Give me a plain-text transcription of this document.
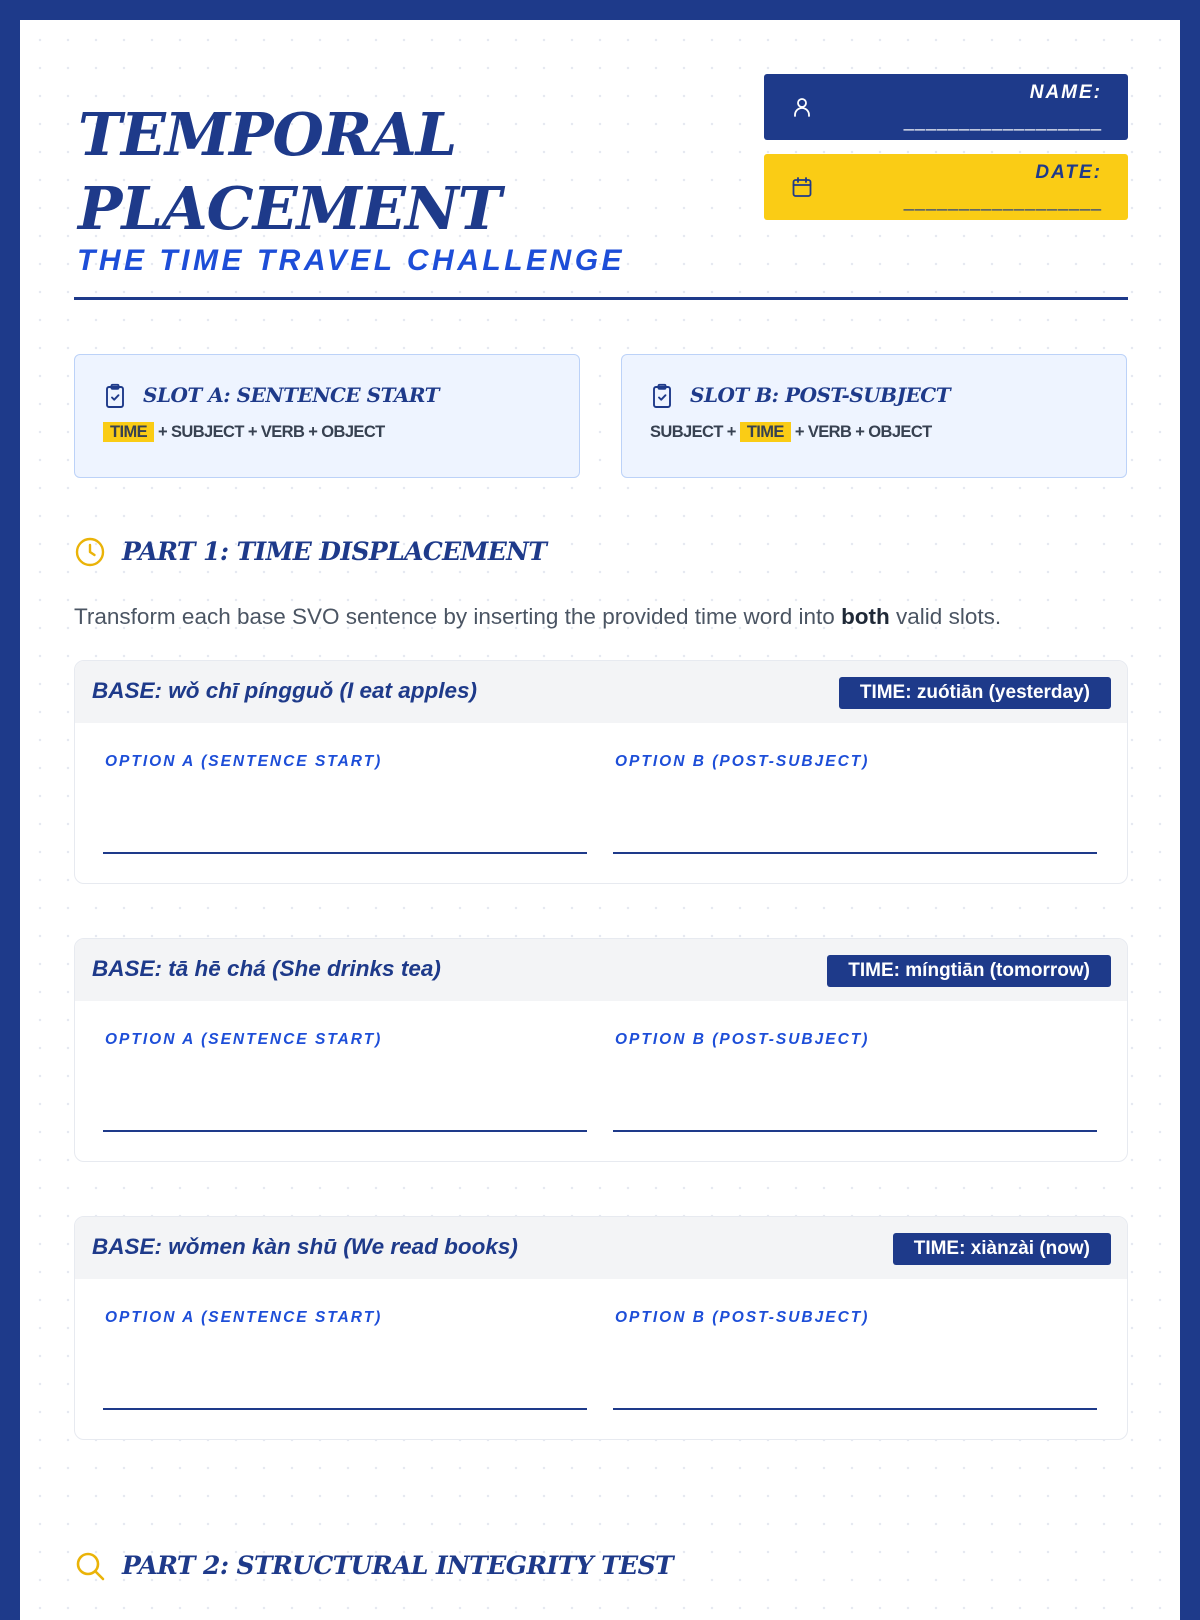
TEMPORAL
PLACEMENT
THE TIME TRAVEL CHALLENGE
NAME:
__________________
DATE:
__________________
SLOT A: SENTENCE START
TIME + SUBJECT + VERB + OBJECT
SLOT B: POST-SUBJECT
SUBJECT + TIME + VERB + OBJECT
PART 1: TIME DISPLACEMENT

Transform each base SVO sentence by inserting the provided time word into both valid slots.

BASE: wǒ chī píngguǒ (I eat apples)	TIME: zuótiān (yesterday)
OPTION A (SENTENCE START)	OPTION B (POST-SUBJECT)
BASE: tā hē chá (She drinks tea)	TIME: míngtiān (tomorrow)
OPTION A (SENTENCE START)	OPTION B (POST-SUBJECT)
BASE: wǒmen kàn shū (We read books)	TIME: xiànzài (now)
OPTION A (SENTENCE START)	OPTION B (POST-SUBJECT)
PART 2: STRUCTURAL INTEGRITY TEST
